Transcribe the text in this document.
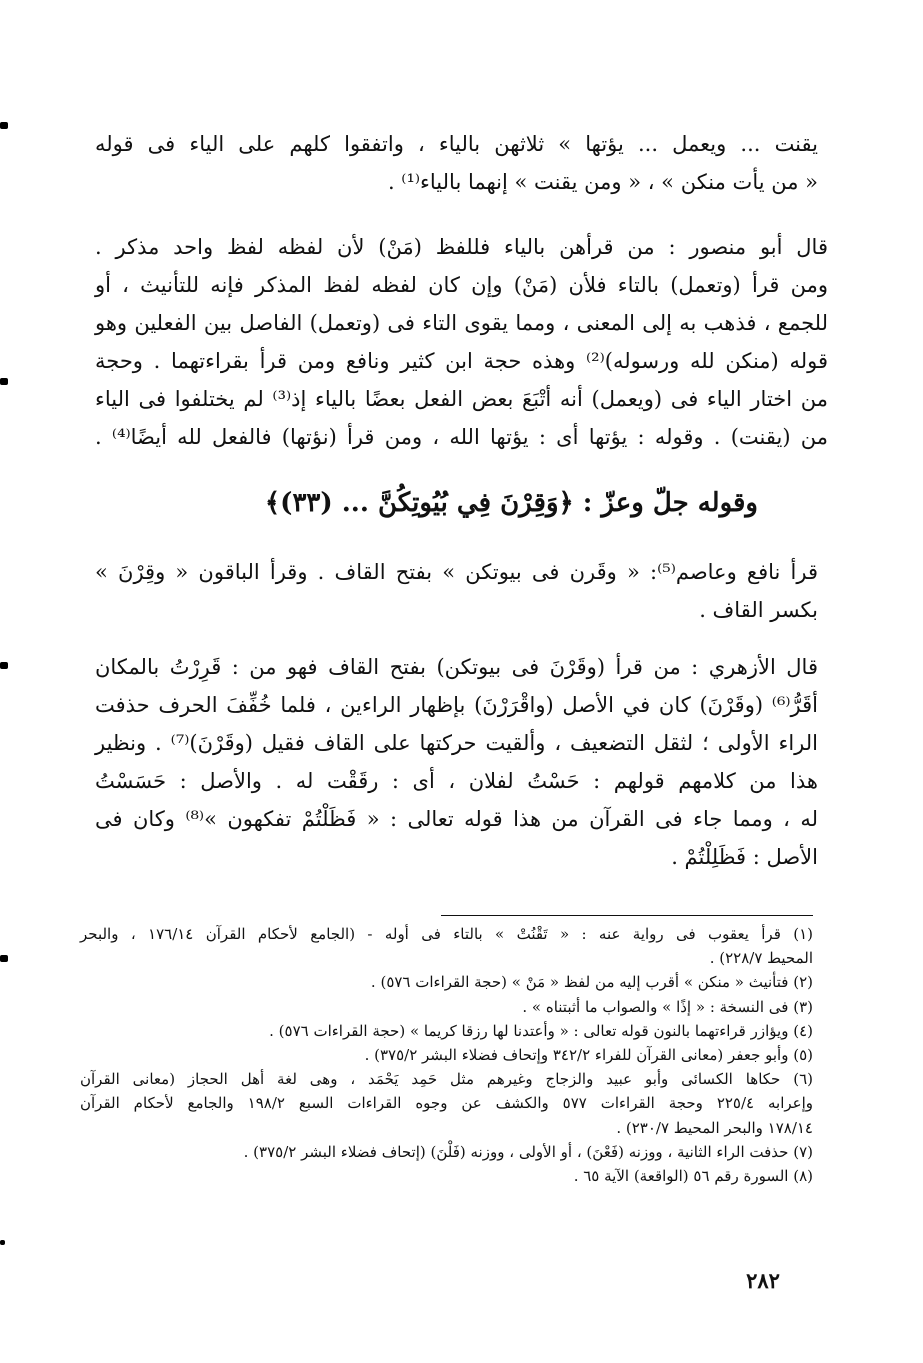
يقنت ... ويعمل ... يؤتها » ثلاثهن بالياء ، واتفقوا كلهم على الياء فى قوله
« من يأت منكن » ، « ومن يقنت » إنهما بالياء⁽¹⁾ .
قال أبو منصور : من قرأهن بالياء فللفظ (مَنْ) لأن لفظه لفظ واحد مذكر .
ومن قرأ (وتعمل) بالتاء فلأن (مَنْ) وإن كان لفظه لفظ المذكر فإنه للتأنيث ، أو
للجمع ، فذهب به إلى المعنى ، ومما يقوى التاء فى (وتعمل) الفاصل بين الفعلين وهو
قوله (منكن لله ورسوله)⁽²⁾ وهذه حجة ابن كثير ونافع ومن قرأ بقراءتهما . وحجة
من اختار الياء فى (ويعمل) أنه أتْبَعَ بعض الفعل بعضًا بالياء إذ⁽³⁾ لم يختلفوا فى الياء
من (يقنت) . وقوله : يؤتها أى : يؤتها الله ، ومن قرأ (نؤتها) فالفعل لله أيضًا⁽⁴⁾ .
وقوله جلّ وعزّ : ﴿وَقِرْنَ فِي بُيُوتِكُنَّ ... (٣٣)﴾
قرأ نافع وعاصم⁽⁵⁾: « وقَرن فى بيوتكن » بفتح القاف . وقرأ الباقون « وقِرْنَ »
بكسر القاف .
قال الأزهري : من قرأ (وقَرْنَ فى بيوتكن) بفتح القاف فهو من : قَرِرْتُ بالمكان
أقَرُّ⁽⁶⁾ (وقَرْنَ) كان في الأصل (واقْرَرْنَ) بإظهار الراءين ، فلما خُفِّفَ الحرف حذفت
الراء الأولى ؛ لثقل التضعيف ، وألقيت حركتها على القاف فقيل (وقَرْنَ)⁽⁷⁾ . ونظير
هذا من كلامهم قولهم : حَسْتُ لفلان ، أى : رقَقْت له . والأصل : حَسَسْتُ
له ، ومما جاء فى القرآن من هذا قوله تعالى : « فَظَلْتُمْ تفكهون »⁽⁸⁾ وكان فى
الأصل : فَظَلِلْتُمْ .
(١) قرأ يعقوب فى رواية عنه : « تَقْنُتْ » بالتاء فى أوله - (الجامع لأحكام القرآن ١٧٦/١٤ ، والبحر
المحيط ٢٢٨/٧) .
(٢) فتأنيث « منكن » أقرب إليه من لفظ « مَنْ » (حجة القراءات ٥٧٦) .
(٣) فى النسخة : « إذًا » والصواب ما أثبتناه » .
(٤) ويؤازر قراءتهما بالنون قوله تعالى : « وأعتدنا لها رزقا كريما » (حجة القراءات ٥٧٦) .
(٥) وأبو جعفر (معانى القرآن للفراء ٣٤٢/٢ وإتحاف فضلاء البشر ٣٧٥/٢) .
(٦) حكاها الكسائى وأبو عبيد والزجاج وغيرهم مثل حَمِد يَحْمَد ، وهى لغة أهل الحجاز (معانى القرآن
وإعرابه ٢٢٥/٤ وحجة القراءات ٥٧٧ والكشف عن وجوه القراءات السبع ١٩٨/٢ والجامع لأحكام القرآن
١٧٨/١٤ والبحر المحيط ٢٣٠/٧) .
(٧) حذفت الراء الثانية ، ووزنه (فَعْنَ) ، أو الأولى ، ووزنه (فَلْنَ) (إتحاف فضلاء البشر ٣٧٥/٢) .
(٨) السورة رقم ٥٦ (الواقعة) الآية ٦٥ .
٢٨٢
